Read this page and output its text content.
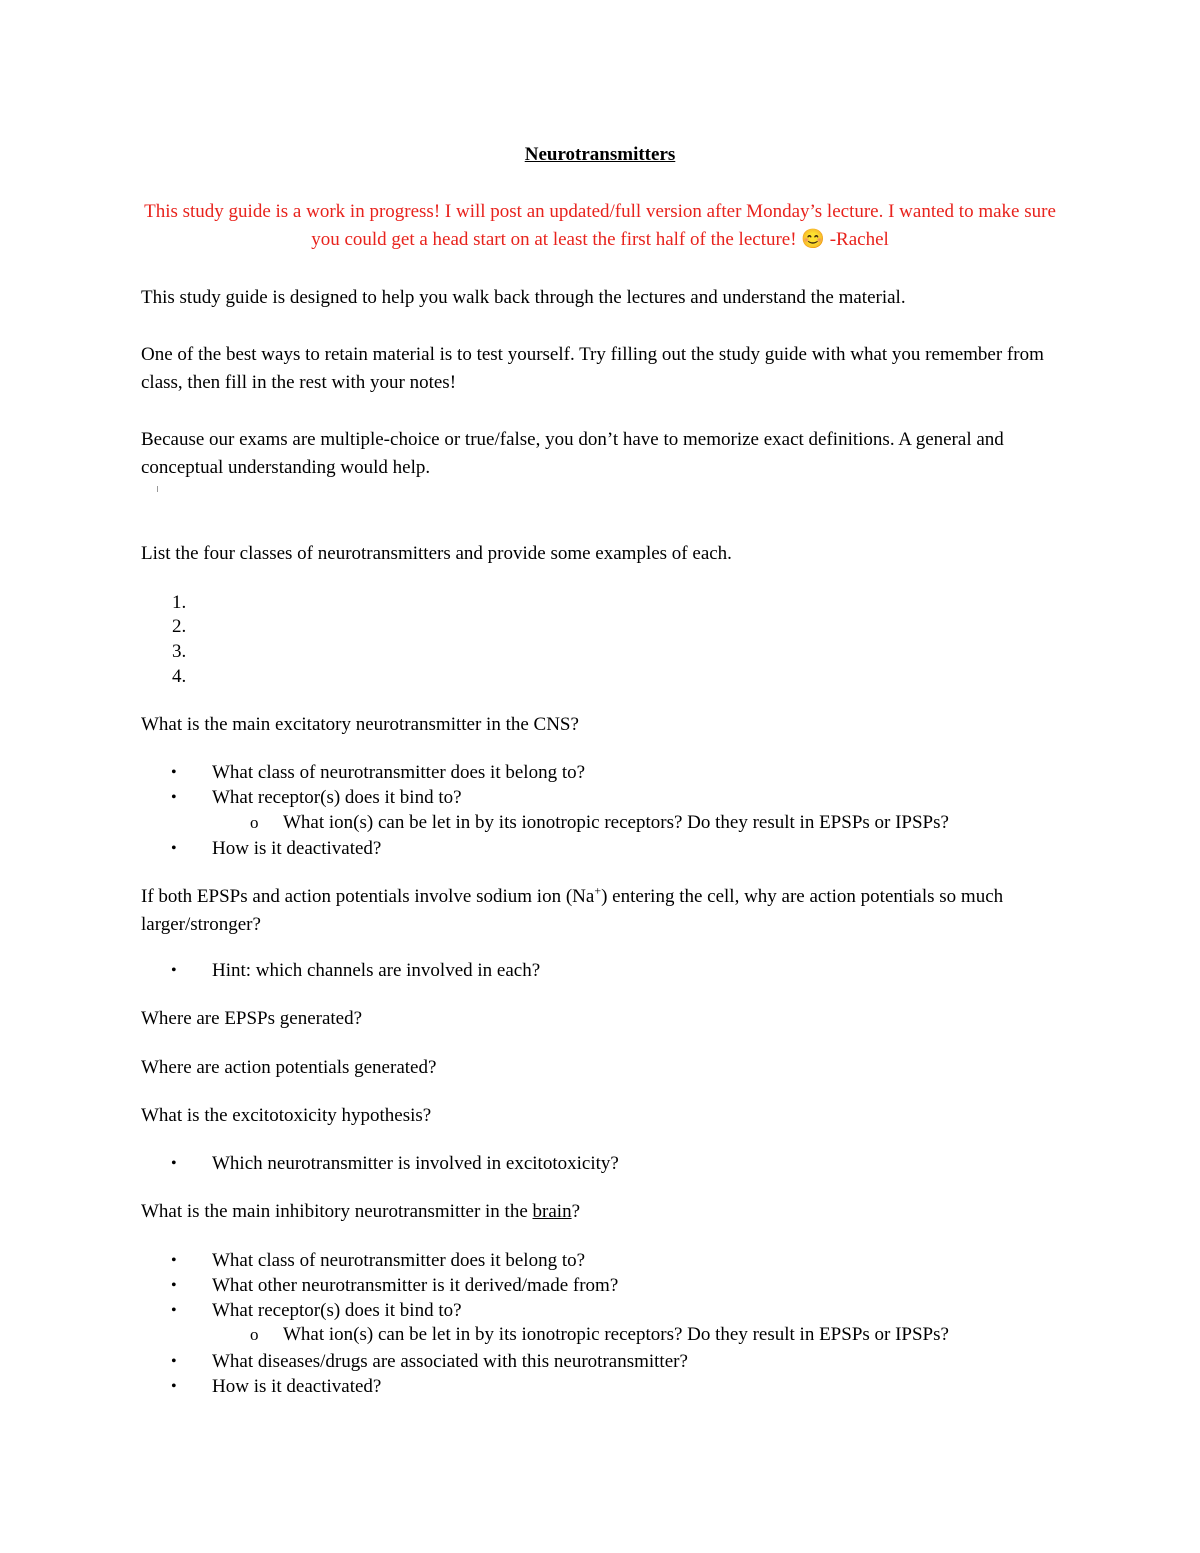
Neurotransmitters
This study guide is a work in progress! I will post an updated/full version after Monday’s lecture. I wanted to make sure you could get a head start on at least the first half of the lecture! 😊 -Rachel
This study guide is designed to help you walk back through the lectures and understand the material.
One of the best ways to retain material is to test yourself. Try filling out the study guide with what you remember from class, then fill in the rest with your notes!
Because our exams are multiple-choice or true/false, you don’t have to memorize exact definitions. A general and conceptual understanding would help.
List the four classes of neurotransmitters and provide some examples of each.
1.
2.
3.
4.
What is the main excitatory neurotransmitter in the CNS?
• What class of neurotransmitter does it belong to?
• What receptor(s) does it bind to?
o What ion(s) can be let in by its ionotropic receptors? Do they result in EPSPs or IPSPs?
• How is it deactivated?
If both EPSPs and action potentials involve sodium ion (Na+) entering the cell, why are action potentials so much larger/stronger?
• Hint: which channels are involved in each?
Where are EPSPs generated?
Where are action potentials generated?
What is the excitotoxicity hypothesis?
• Which neurotransmitter is involved in excitotoxicity?
What is the main inhibitory neurotransmitter in the brain?
• What class of neurotransmitter does it belong to?
• What other neurotransmitter is it derived/made from?
• What receptor(s) does it bind to?
o What ion(s) can be let in by its ionotropic receptors? Do they result in EPSPs or IPSPs?
• What diseases/drugs are associated with this neurotransmitter?
• How is it deactivated?
